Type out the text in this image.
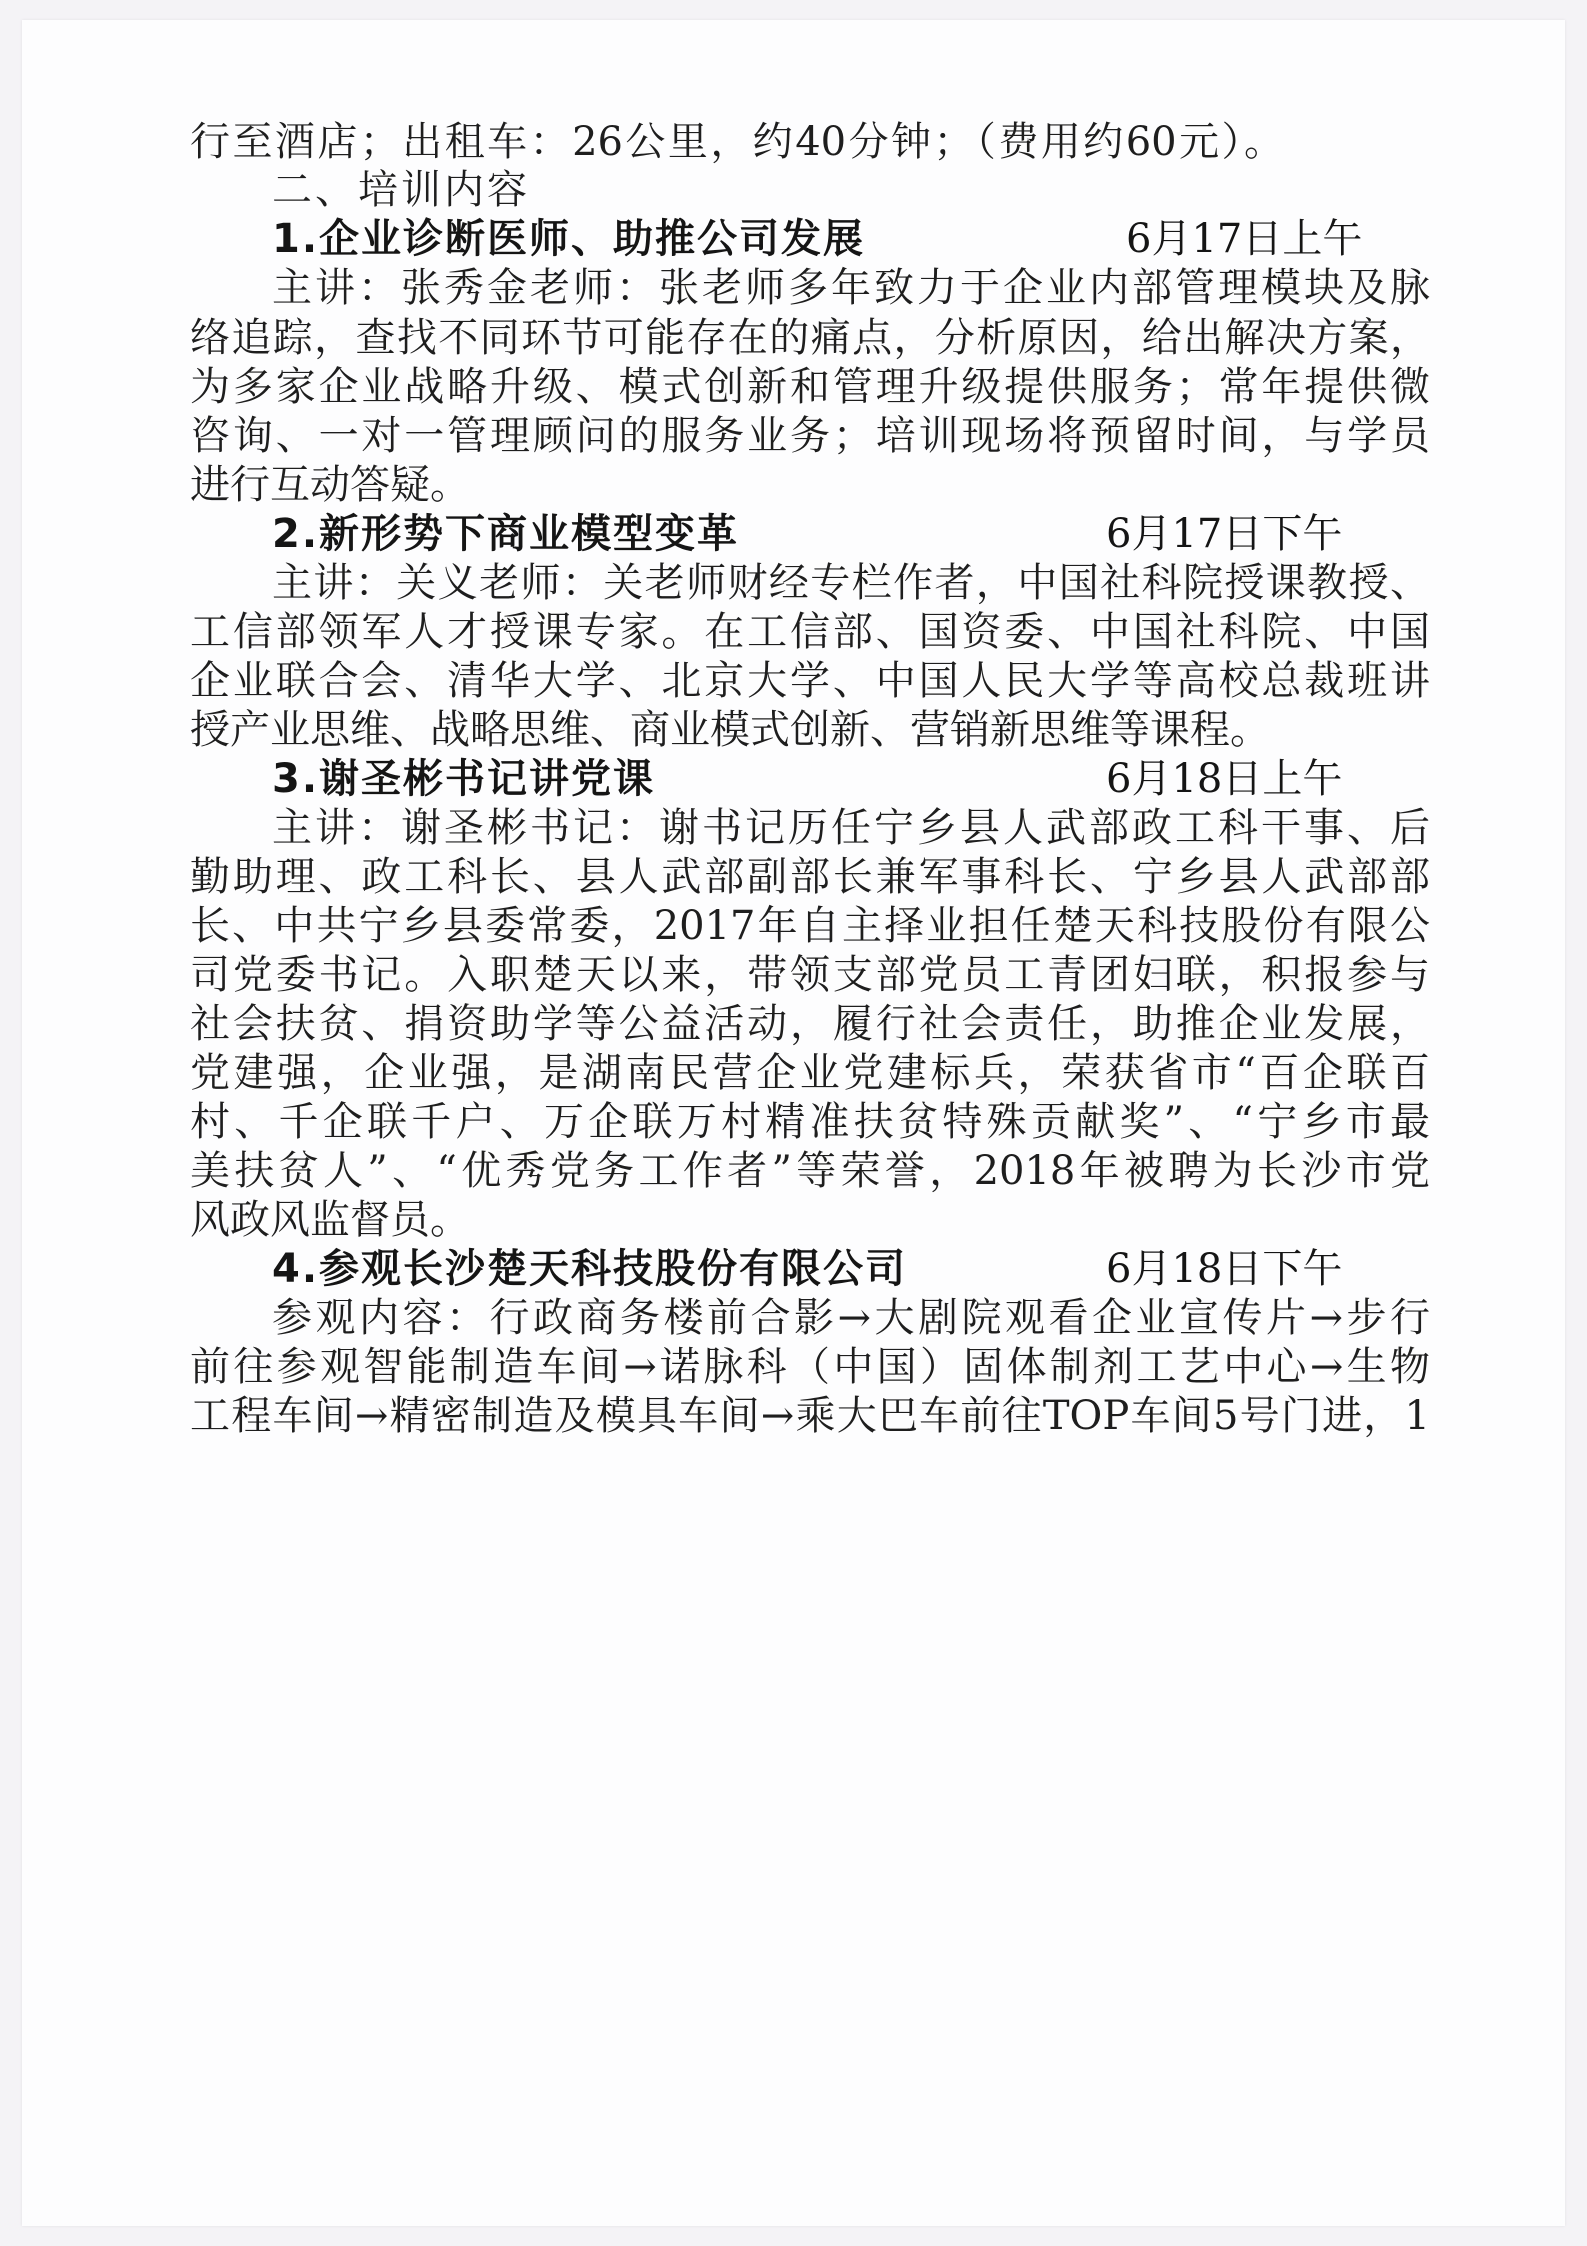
行至酒店；出租车：26公里，约40分钟；（费用约60元）。

二、培训内容

1.企业诊断医师、助推公司发展	6月17日上午

主讲：张秀金老师：张老师多年致力于企业内部管理模块及脉

络追踪，查找不同环节可能存在的痛点，分析原因，给出解决方案，

为多家企业战略升级、模式创新和管理升级提供服务；常年提供微

咨询、一对一管理顾问的服务业务；培训现场将预留时间，与学员

进行互动答疑。

2.新形势下商业模型变革	6月17日下午

主讲：关义老师：关老师财经专栏作者，中国社科院授课教授、

工信部领军人才授课专家。在工信部、国资委、中国社科院、中国

企业联合会、清华大学、北京大学、中国人民大学等高校总裁班讲

授产业思维、战略思维、商业模式创新、营销新思维等课程。

3.谢圣彬书记讲党课	6月18日上午

主讲：谢圣彬书记：谢书记历任宁乡县人武部政工科干事、后

勤助理、政工科长、县人武部副部长兼军事科长、宁乡县人武部部

长、中共宁乡县委常委，2017年自主择业担任楚天科技股份有限公

司党委书记。入职楚天以来，带领支部党员工青团妇联，积报参与

社会扶贫、捐资助学等公益活动，履行社会责任，助推企业发展，

党建强，企业强，是湖南民营企业党建标兵，荣获省市“百企联百

村、千企联千户、万企联万村精准扶贫特殊贡献奖”、“宁乡市最

美扶贫人”、“优秀党务工作者”等荣誉，2018年被聘为长沙市党

风政风监督员。

4.参观长沙楚天科技股份有限公司	6月18日下午

参观内容：行政商务楼前合影→大剧院观看企业宣传片→步行

前往参观智能制造车间→诺脉科（中国）固体制剂工艺中心→生物

工程车间→精密制造及模具车间→乘大巴车前往TOP车间5号门进，1
